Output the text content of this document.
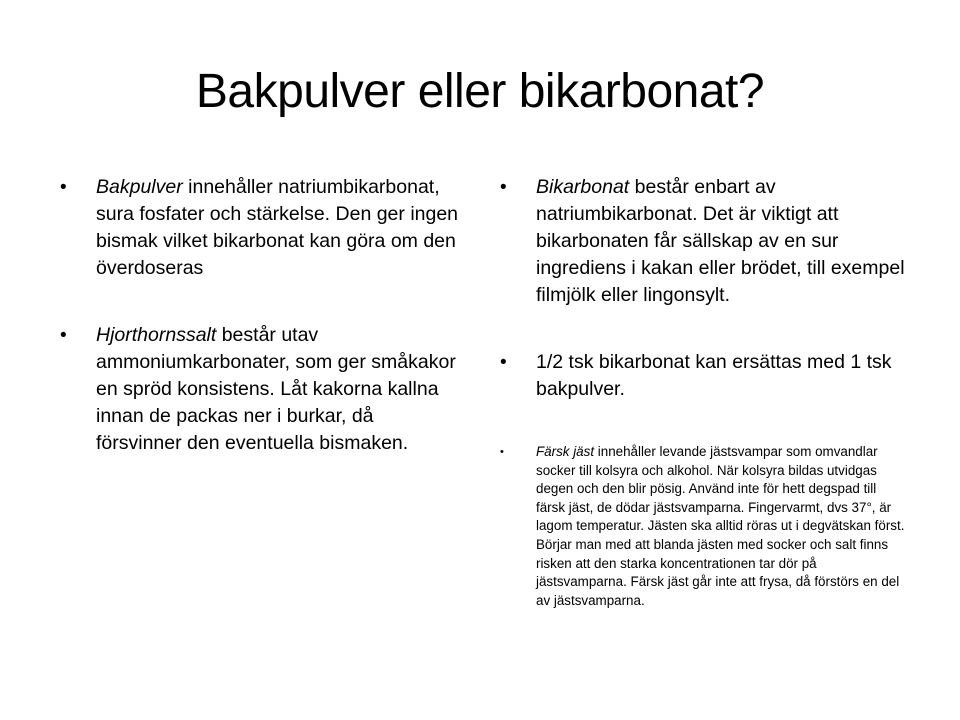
Bakpulver eller bikarbonat?
•	Bakpulver innehåller natriumbikarbonat, sura fosfater och stärkelse. Den ger ingen bismak vilket bikarbonat kan göra om den överdoseras
•	Hjorthornssalt består utav ammoniumkarbonater, som ger småkakor en spröd konsistens. Låt kakorna kallna innan de packas ner i burkar, då försvinner den eventuella bismaken.
•	Bikarbonat består enbart av natriumbikarbonat. Det är viktigt att bikarbonaten får sällskap av en sur ingrediens i kakan eller brödet, till exempel filmjölk eller lingonsylt.
•	1/2 tsk bikarbonat kan ersättas med 1 tsk bakpulver.
• Färsk jäst innehåller levande jästsvampar som omvandlar socker till kolsyra och alkohol. När kolsyra bildas utvidgas degen och den blir pösig. Använd inte för hett degspad till färsk jäst, de dödar jästsvamparna. Fingervarmt, dvs 37°, är lagom temperatur. Jästen ska alltid röras ut i degvätskan först. Börjar man med att blanda jästen med socker och salt finns risken att den starka koncentrationen tar dör på jästsvamparna. Färsk jäst går inte att frysa, då förstörs en del av jästsvamparna.
